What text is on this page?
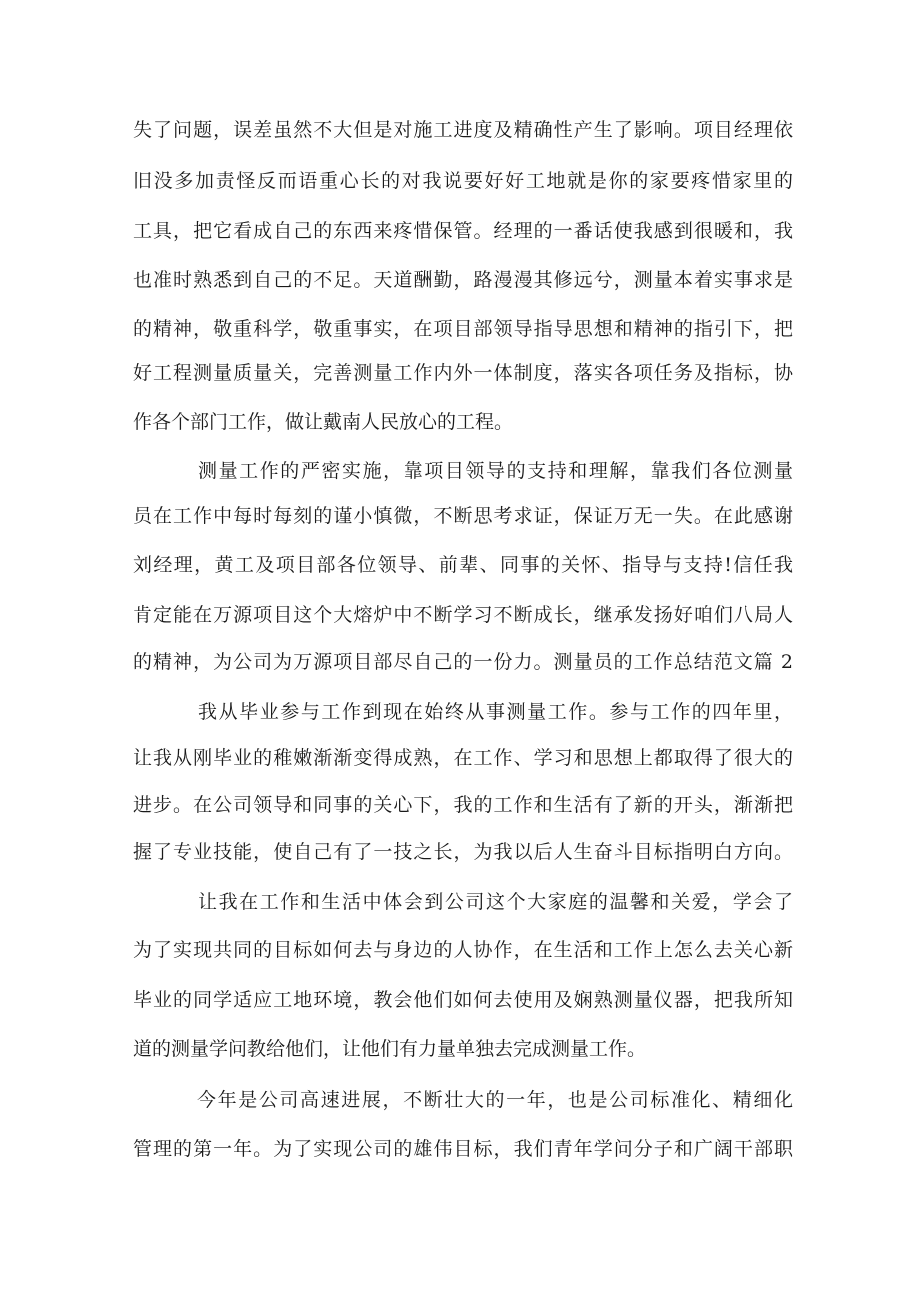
失了问题，误差虽然不大但是对施工进度及精确性产生了影响。项目经理依
旧没多加责怪反而语重心长的对我说要好好工地就是你的家要疼惜家里的
工具，把它看成自己的东西来疼惜保管。经理的一番话使我感到很暖和，我
也准时熟悉到自己的不足。天道酬勤，路漫漫其修远兮，测量本着实事求是
的精神，敬重科学，敬重事实，在项目部领导指导思想和精神的指引下，把
好工程测量质量关，完善测量工作内外一体制度，落实各项任务及指标，协
作各个部门工作，做让戴南人民放心的工程。
测量工作的严密实施，靠项目领导的支持和理解，靠我们各位测量
员在工作中每时每刻的谨小慎微，不断思考求证，保证万无一失。在此感谢
刘经理，黄工及项目部各位领导、前辈、同事的关怀、指导与支持!信任我
肯定能在万源项目这个大熔炉中不断学习不断成长，继承发扬好咱们八局人
的精神，为公司为万源项目部尽自己的一份力。测量员的工作总结范文篇 2
我从毕业参与工作到现在始终从事测量工作。参与工作的四年里，
让我从刚毕业的稚嫩渐渐变得成熟，在工作、学习和思想上都取得了很大的
进步。在公司领导和同事的关心下，我的工作和生活有了新的开头，渐渐把
握了专业技能，使自己有了一技之长，为我以后人生奋斗目标指明白方向。
让我在工作和生活中体会到公司这个大家庭的温馨和关爱，学会了
为了实现共同的目标如何去与身边的人协作，在生活和工作上怎么去关心新
毕业的同学适应工地环境，教会他们如何去使用及娴熟测量仪器，把我所知
道的测量学问教给他们，让他们有力量单独去完成测量工作。
今年是公司高速进展，不断壮大的一年，也是公司标准化、精细化
管理的第一年。为了实现公司的雄伟目标，我们青年学问分子和广阔干部职
